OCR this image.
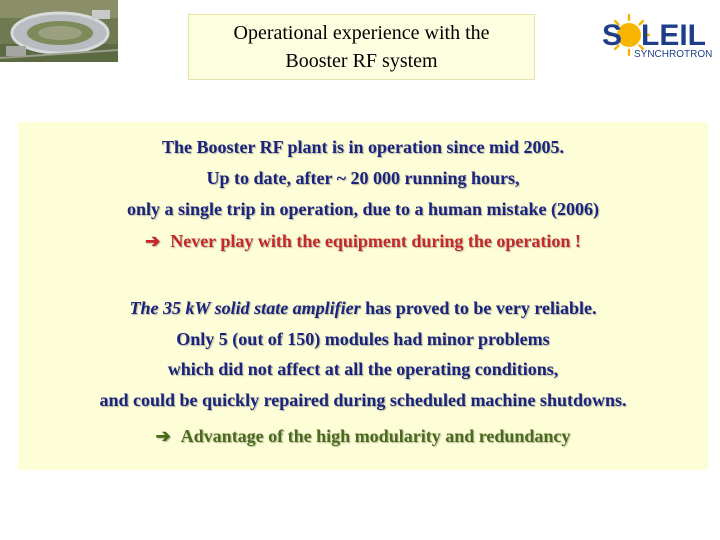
Operational experience with the
Booster RF system
S LEIL
SYNCHROTRON
The Booster RF plant is in operation since mid 2005.
Up to date, after ~ 20 000 running hours,
only a single trip in operation, due to a human mistake (2006)
➔ Never play with the equipment during the operation !
The 35 kW solid state amplifier has proved to be very reliable.
Only 5 (out of 150) modules had minor problems
which did not affect at all the operating conditions,
and could be quickly repaired during scheduled machine shutdowns.
➔ Advantage of the high modularity and redundancy
